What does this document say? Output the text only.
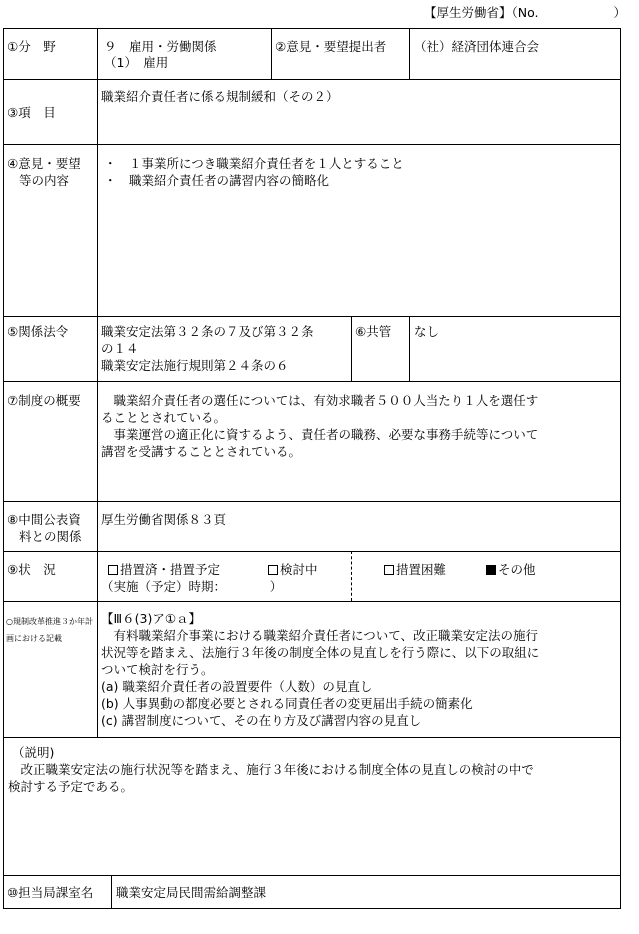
【厚生労働省】（No.　　　　　　	）
①分　野	９　雇用・労働関係
（1）　雇用
②意見・要望提出者 （社）経済団体連合会
③項　目
職業紹介責任者に係る規制緩和（その２）
④意見・要望
等の内容
・　１事業所につき職業紹介責任者を１人とすること
・　職業紹介責任者の講習内容の簡略化
⑤関係法令	職業安定法第３２条の７及び第３２条
の１４
職業安定法施行規則第２４条の６
⑥共管 なし
⑦制度の概要 　職業紹介責任者の選任については、有効求職者５００人当たり１人を選任す
ることとされている。
　事業運営の適正化に資するよう、責任者の職務、必要な事務手続等について
講習を受講することとされている。
⑧中間公表資
料との関係
厚生労働省関係８３頁
⑨状　況	措置済・措置予定
（実施（予定）時期：　　　　）
検討中	措置困難	その他
○規制改革推進３か年計画における記載
【Ⅲ６(3)ア①ａ】
　有料職業紹介事業における職業紹介責任者について、改正職業安定法の施行
状況等を踏まえ、法施行３年後の制度全体の見直しを行う際に、以下の取組に
ついて検討を行う。
(a) 職業紹介責任者の設置要件（人数）の見直し
(b) 人事異動の都度必要とされる同責任者の変更届出手続の簡素化
(c) 講習制度について、その在り方及び講習内容の見直し
（説明)
　改正職業安定法の施行状況等を踏まえ、施行３年後における制度全体の見直しの検討の中で
検討する予定である。
⑩担当局課室名 職業安定局民間需給調整課
